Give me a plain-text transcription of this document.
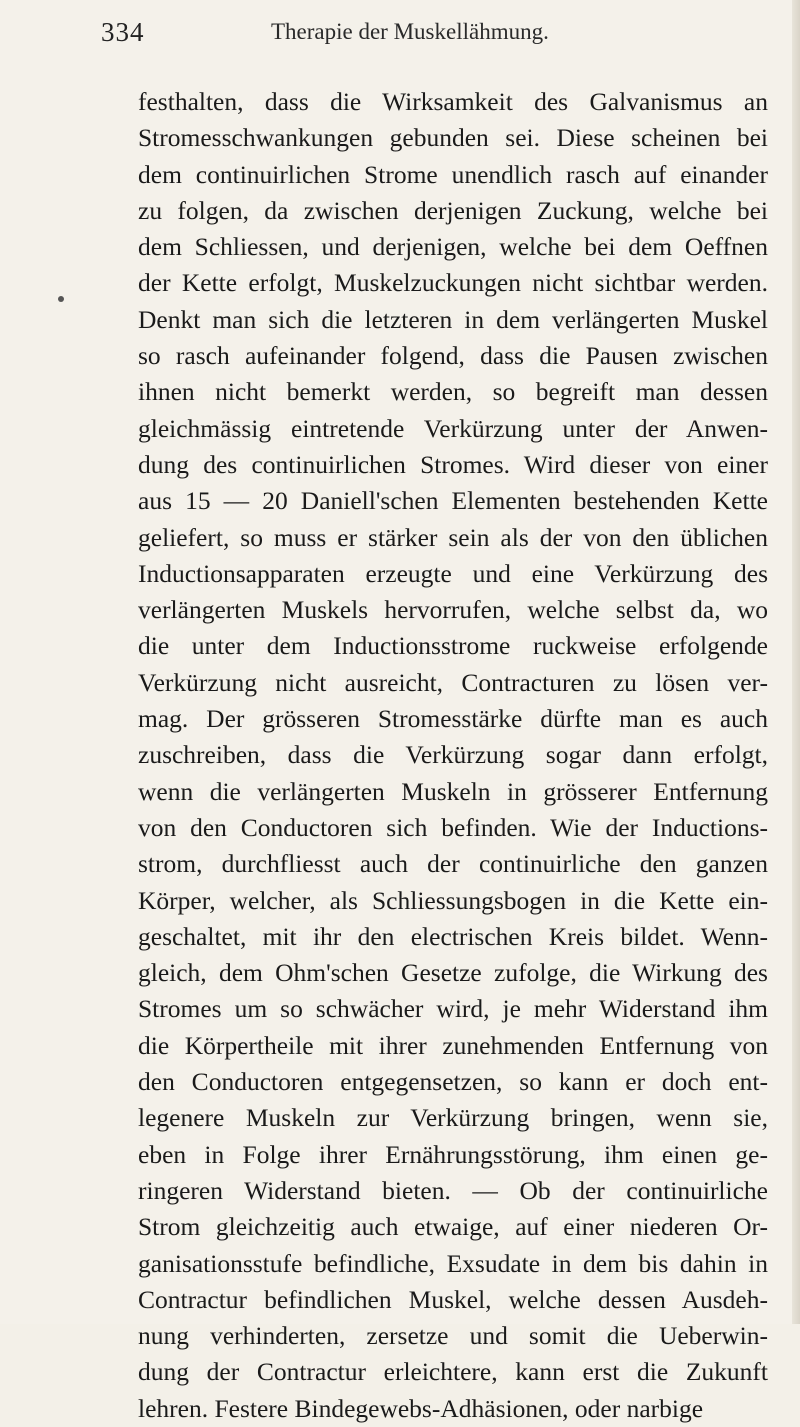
334	Therapie der Muskellähmung.
festhalten, dass die Wirksamkeit des Galvanismus an
Stromesschwankungen gebunden sei. Diese scheinen bei
dem continuirlichen Strome unendlich rasch auf einander
zu folgen, da zwischen derjenigen Zuckung, welche bei
dem Schliessen, und derjenigen, welche bei dem Oeffnen
der Kette erfolgt, Muskelzuckungen nicht sichtbar werden.
Denkt man sich die letzteren in dem verlängerten Muskel
so rasch aufeinander folgend, dass die Pausen zwischen
ihnen nicht bemerkt werden, so begreift man dessen
gleichmässig eintretende Verkürzung unter der Anwen-
dung des continuirlichen Stromes. Wird dieser von einer
aus 15 — 20 Daniell'schen Elementen bestehenden Kette
geliefert, so muss er stärker sein als der von den üblichen
Inductionsapparaten erzeugte und eine Verkürzung des
verlängerten Muskels hervorrufen, welche selbst da, wo
die unter dem Inductionsstrome ruckweise erfolgende
Verkürzung nicht ausreicht, Contracturen zu lösen ver-
mag. Der grösseren Stromesstärke dürfte man es auch
zuschreiben, dass die Verkürzung sogar dann erfolgt,
wenn die verlängerten Muskeln in grösserer Entfernung
von den Conductoren sich befinden. Wie der Inductions-
strom, durchfliesst auch der continuirliche den ganzen
Körper, welcher, als Schliessungsbogen in die Kette ein-
geschaltet, mit ihr den electrischen Kreis bildet. Wenn-
gleich, dem Ohm'schen Gesetze zufolge, die Wirkung des
Stromes um so schwächer wird, je mehr Widerstand ihm
die Körpertheile mit ihrer zunehmenden Entfernung von
den Conductoren entgegensetzen, so kann er doch ent-
legenere Muskeln zur Verkürzung bringen, wenn sie,
eben in Folge ihrer Ernährungsstörung, ihm einen ge-
ringeren Widerstand bieten. — Ob der continuirliche
Strom gleichzeitig auch etwaige, auf einer niederen Or-
ganisationsstufe befindliche, Exsudate in dem bis dahin in
Contractur befindlichen Muskel, welche dessen Ausdeh-
nung verhinderten, zersetze und somit die Ueberwin-
dung der Contractur erleichtere, kann erst die Zukunft
lehren. Festere Bindegewebs-Adhäsionen, oder narbige
